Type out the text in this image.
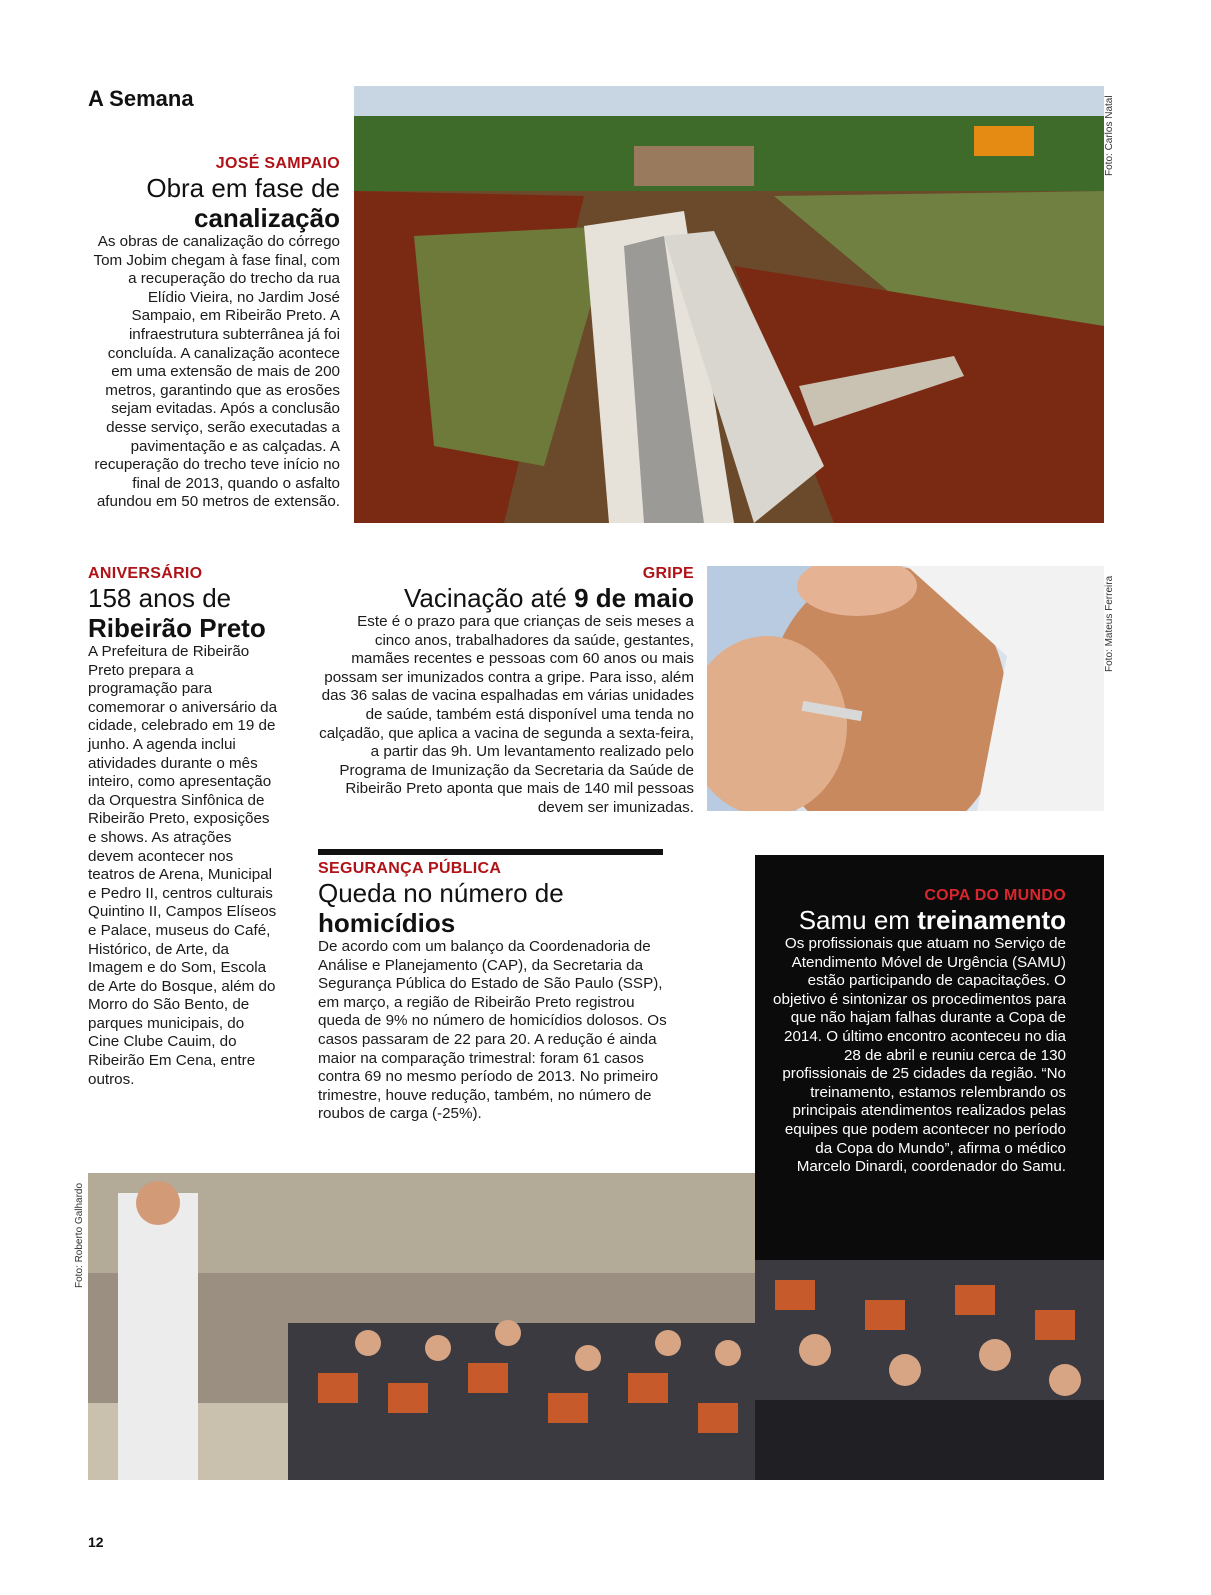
A Semana
JOSÉ SAMPAIO
Obra em fase de
canalização
As obras de canalização do córrego Tom Jobim chegam à fase final, com a recuperação do trecho da rua Elídio Vieira, no Jardim José Sampaio, em Ribeirão Preto. A infraestrutura subterrânea já foi concluída. A canalização acontece em uma extensão de mais de 200 metros, garantindo que as erosões sejam evitadas. Após a conclusão desse serviço, serão executadas a pavimentação e as calçadas. A recuperação do trecho teve início no final de 2013, quando o asfalto afundou em 50 metros de extensão.
Foto: Carlos Natal
ANIVERSÁRIO
158 anos de
Ribeirão Preto
A Prefeitura de Ribeirão Preto prepara a programação para comemorar o aniversário da cidade, celebrado em 19 de junho. A agenda inclui atividades durante o mês inteiro, como apresentação da Orquestra Sinfônica de Ribeirão Preto, exposições e shows. As atrações devem acontecer nos teatros de Arena, Municipal e Pedro II, centros culturais Quintino II, Campos Elíseos e Palace, museus do Café, Histórico, de Arte, da Imagem e do Som, Escola de Arte do Bosque, além do Morro do São Bento, de parques municipais, do Cine Clube Cauim, do Ribeirão Em Cena, entre outros.
GRIPE
Vacinação até 9 de maio
Este é o prazo para que crianças de seis meses a cinco anos, trabalhadores da saúde, gestantes, mamães recentes e pessoas com 60 anos ou mais possam ser imunizados contra a gripe. Para isso, além das 36 salas de vacina espalhadas em várias unidades de saúde, também está disponível uma tenda no calçadão, que aplica a vacina de segunda a sexta-feira, a partir das 9h. Um levantamento realizado pelo Programa de Imunização da Secretaria da Saúde de Ribeirão Preto aponta que mais de 140 mil pessoas devem ser imunizadas.
Foto: Mateus Ferreira
SEGURANÇA PÚBLICA
Queda no número de
homicídios
De acordo com um balanço da Coordenadoria de Análise e Planejamento (CAP), da Secretaria da Segurança Pública do Estado de São Paulo (SSP), em março, a região de Ribeirão Preto registrou queda de 9% no número de homicídios dolosos. Os casos passaram de 22 para 20. A redução é ainda maior na comparação trimestral: foram 61 casos contra 69 no mesmo período de 2013. No primeiro trimestre, houve redução, também, no número de roubos de carga (-25%).
COPA DO MUNDO
Samu em treinamento
Os profissionais que atuam no Serviço de Atendimento Móvel de Urgência (SAMU) estão participando de capacitações. O objetivo é sintonizar os procedimentos para que não hajam falhas durante a Copa de 2014. O último encontro aconteceu no dia 28 de abril e reuniu cerca de 130 profissionais de 25 cidades da região. “No treinamento, estamos relembrando os principais atendimentos realizados pelas equipes que podem acontecer no período da Copa do Mundo”, afirma o médico Marcelo Dinardi, coordenador do Samu.
Foto: Roberto Galhardo
12
